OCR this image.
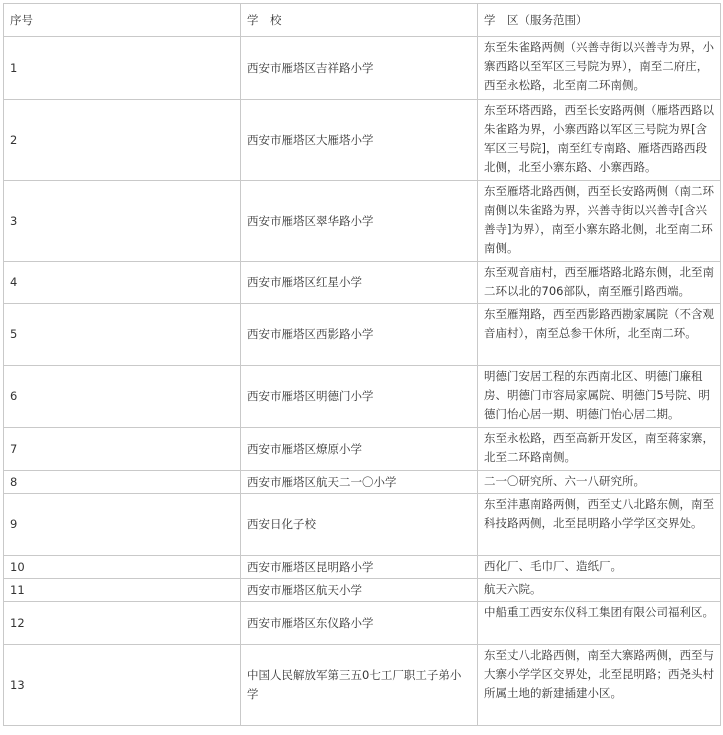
序号	学　校	学　区（服务范围）
1	西安市雁塔区吉祥路小学	东至朱雀路两侧（兴善寺街以兴善寺为界，小寨西路以至军区三号院为界），南至二府庄，西至永松路，北至南二环南侧。
2	西安市雁塔区大雁塔小学	东至环塔西路，西至长安路两侧（雁塔西路以朱雀路为界，小寨西路以军区三号院为界[含军区三号院]，南至红专南路、雁塔西路西段北侧，北至小寨东路、小寨西路。
3	西安市雁塔区翠华路小学	东至雁塔北路西侧，西至长安路两侧（南二环南侧以朱雀路为界，兴善寺街以兴善寺[含兴善寺]为界），南至小寨东路北侧，北至南二环南侧。
4	西安市雁塔区红星小学	东至观音庙村，西至雁塔路北路东侧，北至南二环以北的706部队，南至雁引路西端。
5	西安市雁塔区西影路小学	东至雁翔路，西至西影路西勘家属院（不含观音庙村），南至总参干休所，北至南二环。
6	西安市雁塔区明德门小学	明德门安居工程的东西南北区、明德门廉租房、明德门市容局家属院、明德门5号院、明德门怡心居一期、明德门怡心居二期。
7	西安市雁塔区燎原小学	东至永松路，西至高新开发区，南至蒋家寨，北至二环路南侧。
8	西安市雁塔区航天二一〇小学	二一〇研究所、六一八研究所。
9	西安日化子校	东至沣惠南路两侧，西至丈八北路东侧，南至科技路两侧，北至昆明路小学学区交界处。
10	西安市雁塔区昆明路小学	西化厂、毛巾厂、造纸厂。
11	西安市雁塔区航天小学	航天六院。
12	西安市雁塔区东仪路小学	中船重工西安东仪科工集团有限公司福利区。
13	中国人民解放军第三五0七工厂职工子弟小学	东至丈八北路西侧，南至大寨路两侧，西至与大寨小学学区交界处，北至昆明路；西尧头村所属土地的新建插建小区。
